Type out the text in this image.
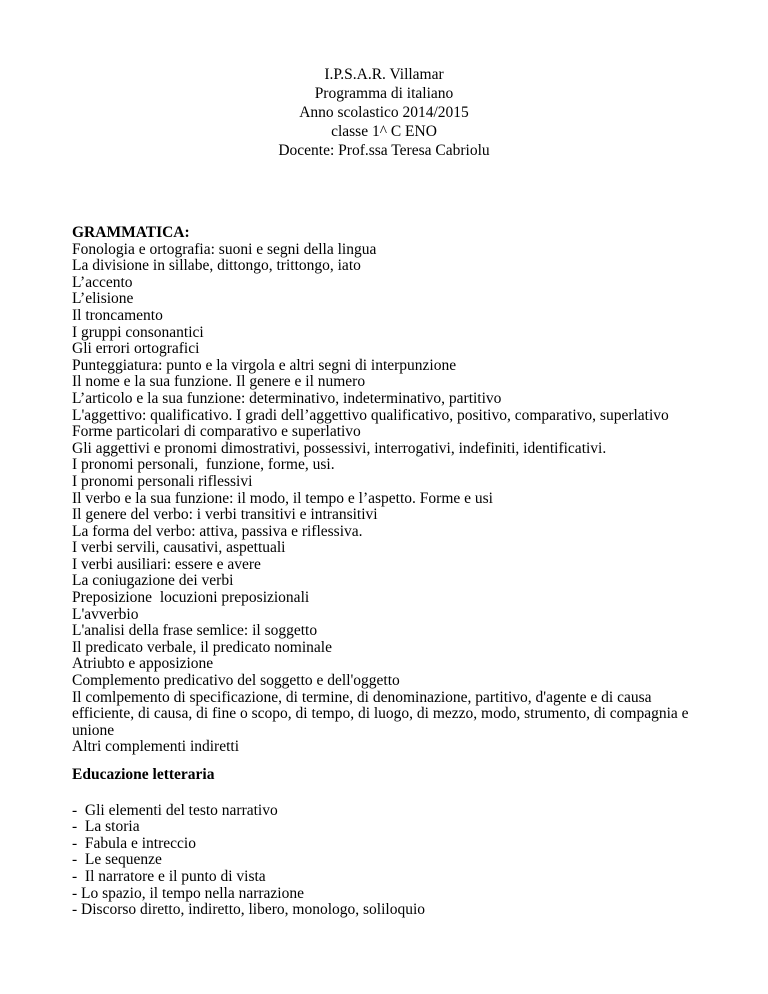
I.P.S.A.R. Villamar
Programma di italiano
Anno scolastico 2014/2015
classe 1^ C ENO
Docente: Prof.ssa Teresa Cabriolu
GRAMMATICA:
Fonologia e ortografia: suoni e segni della lingua
La divisione in sillabe, dittongo, trittongo, iato
L’accento
L’elisione
Il troncamento
I gruppi consonantici
Gli errori ortografici
Punteggiatura: punto e la virgola e altri segni di interpunzione
Il nome e la sua funzione. Il genere e il numero
L’articolo e la sua funzione: determinativo, indeterminativo, partitivo
L'aggettivo: qualificativo. I gradi dell’aggettivo qualificativo, positivo, comparativo, superlativo
Forme particolari di comparativo e superlativo
Gli aggettivi e pronomi dimostrativi, possessivi, interrogativi, indefiniti, identificativi.
I pronomi personali,  funzione, forme, usi.
I pronomi personali riflessivi
Il verbo e la sua funzione: il modo, il tempo e l’aspetto. Forme e usi
Il genere del verbo: i verbi transitivi e intransitivi
La forma del verbo: attiva, passiva e riflessiva.
I verbi servili, causativi, aspettuali
I verbi ausiliari: essere e avere
La coniugazione dei verbi
Preposizione  locuzioni preposizionali
L'avverbio
L'analisi della frase semlice: il soggetto
Il predicato verbale, il predicato nominale
Atriubto e apposizione
Complemento predicativo del soggetto e dell'oggetto
Il comlpemento di specificazione, di termine, di denominazione, partitivo, d'agente e di causa efficiente, di causa, di fine o scopo, di tempo, di luogo, di mezzo, modo, strumento, di compagnia e unione
Altri complementi indiretti
Educazione letteraria
-  Gli elementi del testo narrativo
-  La storia
-  Fabula e intreccio
-  Le sequenze
-  Il narratore e il punto di vista
- Lo spazio, il tempo nella narrazione
- Discorso diretto, indiretto, libero, monologo, soliloquio
